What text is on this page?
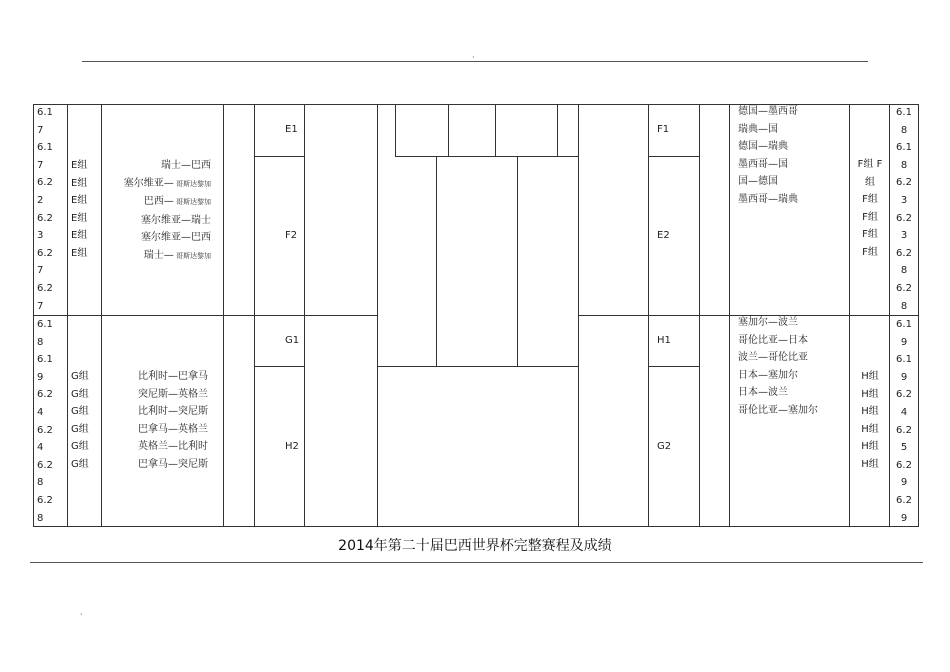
·
·
6.1
7
6.1
7
6.2
2
6.2
3
6.2
7
6.2
7
E组
E组
E组
E组
E组
E组
瑞士—巴西
塞尔维亚— 哥斯达黎加
巴西— 哥斯达黎加
塞尔维亚—瑞士
塞尔维亚—巴西
瑞士— 哥斯达黎加
6.1
8
6.1
9
6.2
4
6.2
4
6.2
8
6.2
8
G组
G组
G组
G组
G组
G组
比利时—巴拿马
突尼斯—英格兰
比利时—突尼斯
巴拿马—英格兰
英格兰—比利时
巴拿马—突尼斯
德国—墨西哥
瑞典—国
德国—瑞典
墨西哥—国
国—德国
墨西哥—瑞典
F组 F
组
F组
F组
F组
F组
6.1
8
6.1
8
6.2
3
6.2
3
6.2
8
6.2
8
塞加尔—波兰
哥伦比亚—日本
波兰—哥伦比亚
日本—塞加尔
日本—波兰
哥伦比亚—塞加尔
H组
H组
H组
H组
H组
H组
6.1
9
6.1
9
6.2
4
6.2
5
6.2
9
6.2
9
E1
F2
G1
H2
F1
E2
H1
G2
2014年第二十届巴西世界杯完整赛程及成绩
